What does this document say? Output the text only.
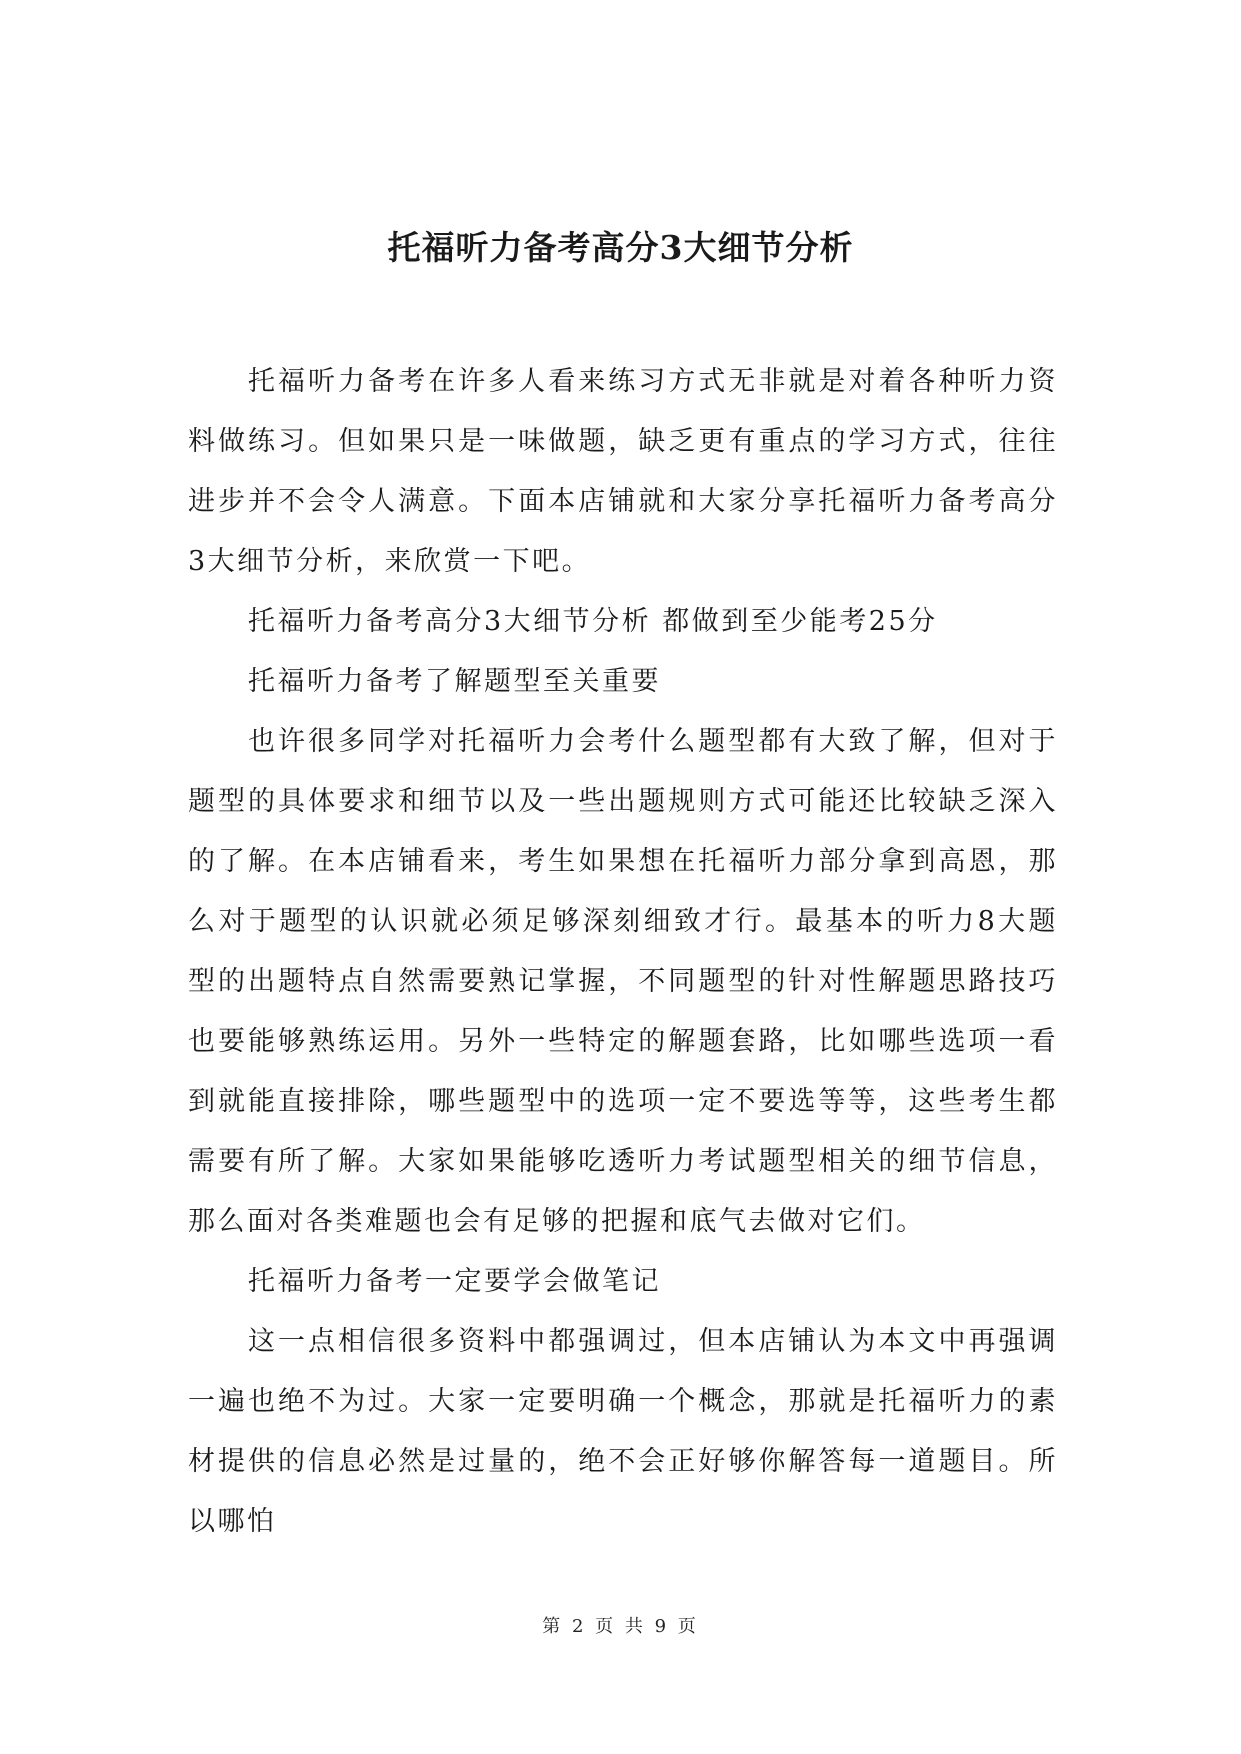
托福听力备考高分3大细节分析

托福听力备考在许多人看来练习方式无非就是对着各种听力资料做练习。但如果只是一味做题，缺乏更有重点的学习方式，往往进步并不会令人满意。下面本店铺就和大家分享托福听力备考高分3大细节分析，来欣赏一下吧。

托福听力备考高分3大细节分析 都做到至少能考25分

托福听力备考了解题型至关重要

也许很多同学对托福听力会考什么题型都有大致了解，但对于题型的具体要求和细节以及一些出题规则方式可能还比较缺乏深入的了解。在本店铺看来，考生如果想在托福听力部分拿到高恩，那么对于题型的认识就必须足够深刻细致才行。最基本的听力8大题型的出题特点自然需要熟记掌握，不同题型的针对性解题思路技巧也要能够熟练运用。另外一些特定的解题套路，比如哪些选项一看到就能直接排除，哪些题型中的选项一定不要选等等，这些考生都需要有所了解。大家如果能够吃透听力考试题型相关的细节信息，那么面对各类难题也会有足够的把握和底气去做对它们。

托福听力备考一定要学会做笔记

这一点相信很多资料中都强调过，但本店铺认为本文中再强调一遍也绝不为过。大家一定要明确一个概念，那就是托福听力的素材提供的信息必然是过量的，绝不会正好够你解答每一道题目。所以哪怕

第 2 页 共 9 页
